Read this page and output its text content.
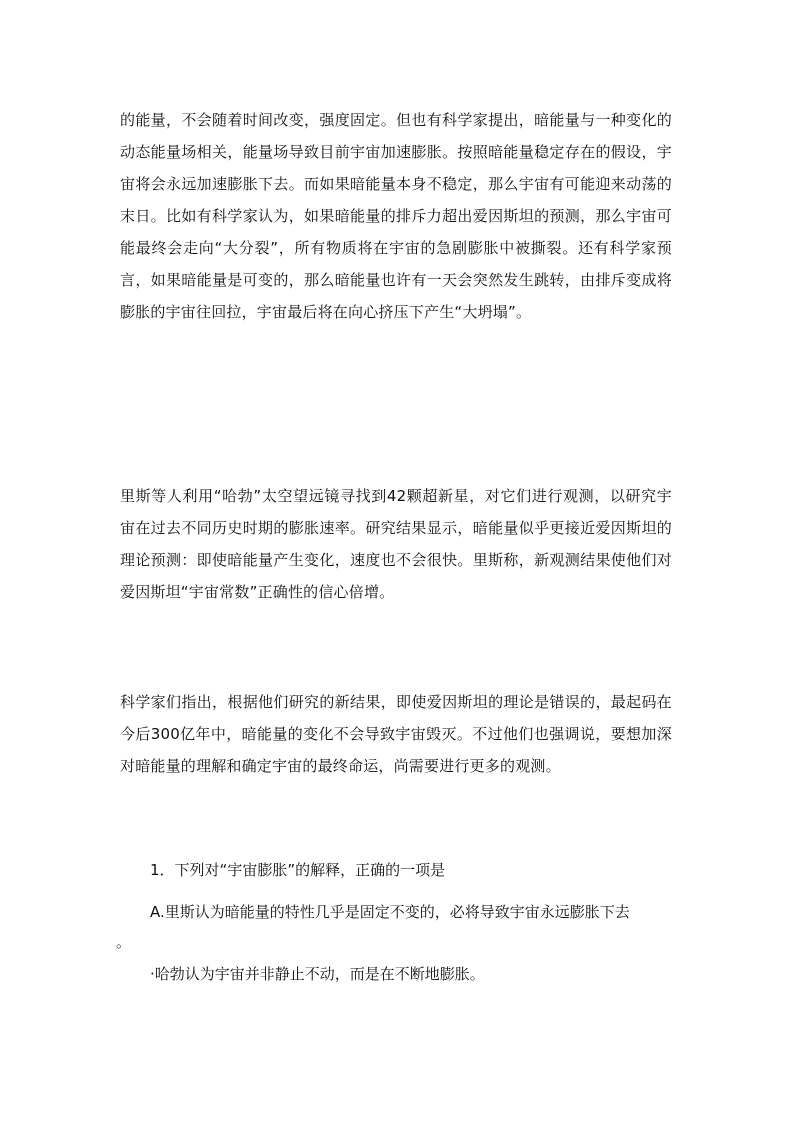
的能量，不会随着时间改变，强度固定。但也有科学家提出，暗能量与一种变化的动态能量场相关，能量场导致目前宇宙加速膨胀。按照暗能量稳定存在的假设，宇宙将会永远加速膨胀下去。而如果暗能量本身不稳定，那么宇宙有可能迎来动荡的末日。比如有科学家认为，如果暗能量的排斥力超出爱因斯坦的预测，那么宇宙可能最终会走向“大分裂”，所有物质将在宇宙的急剧膨胀中被撕裂。还有科学家预言，如果暗能量是可变的，那么暗能量也许有一天会突然发生跳转，由排斥变成将膨胀的宇宙往回拉，宇宙最后将在向心挤压下产生“大坍塌”。

里斯等人利用“哈勃”太空望远镜寻找到42颗超新星，对它们进行观测，以研究宇宙在过去不同历史时期的膨胀速率。研究结果显示，暗能量似乎更接近爱因斯坦的理论预测：即使暗能量产生变化，速度也不会很快。里斯称，新观测结果使他们对爱因斯坦“宇宙常数”正确性的信心倍增。

科学家们指出，根据他们研究的新结果，即使爱因斯坦的理论是错误的，最起码在今后300亿年中，暗能量的变化不会导致宇宙毁灭。不过他们也强调说，要想加深对暗能量的理解和确定宇宙的最终命运，尚需要进行更多的观测。

1．下列对“宇宙膨胀”的解释，正确的一项是

A.里斯认为暗能量的特性几乎是固定不变的，必将导致宇宙永远膨胀下去

。

·哈勃认为宇宙并非静止不动，而是在不断地膨胀。
